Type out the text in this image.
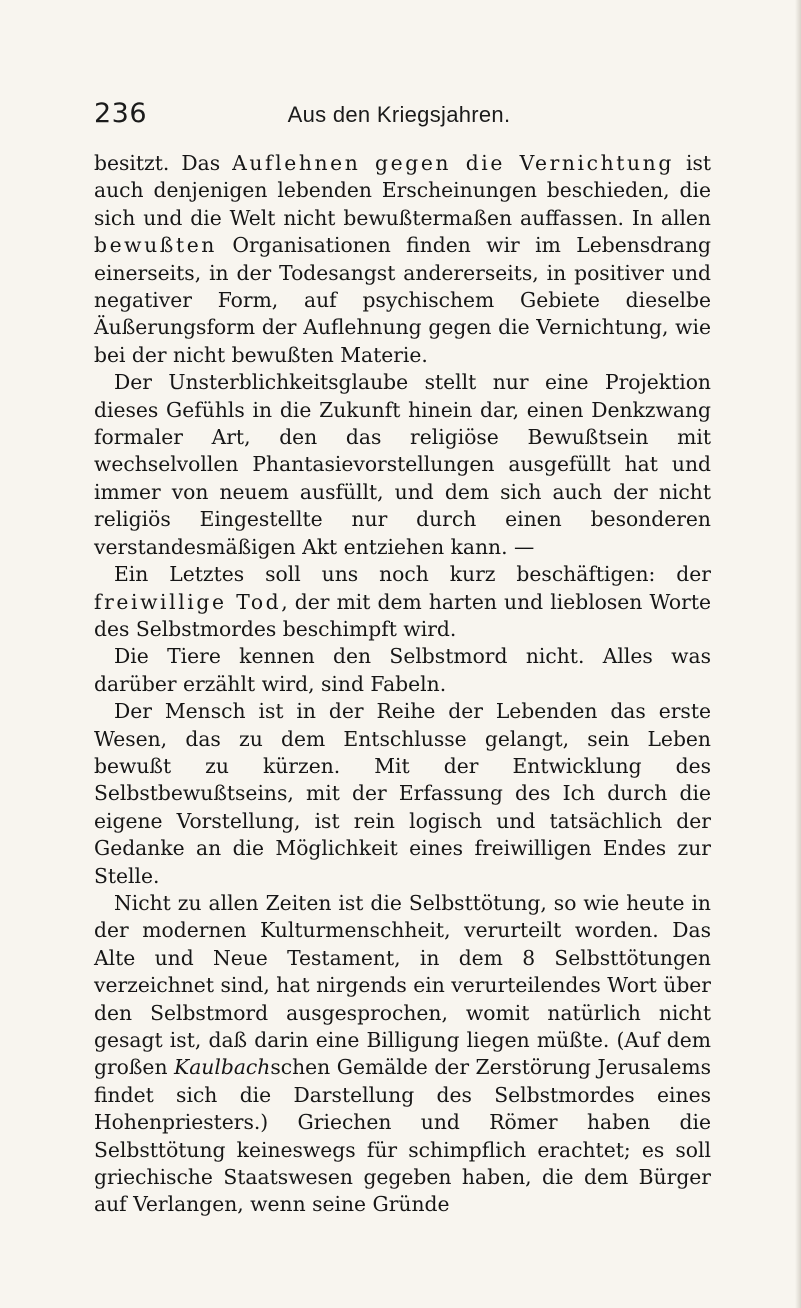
236	Aus den Kriegsjahren.

besitzt. Das Auflehnen gegen die Vernichtung ist auch denjenigen lebenden Erscheinungen beschieden, die sich und die Welt nicht bewußtermaßen auffassen. In allen bewußten Organisationen finden wir im Lebensdrang einerseits, in der Todesangst andererseits, in positiver und negativer Form, auf psychischem Gebiete dieselbe Äußerungsform der Auflehnung gegen die Vernichtung, wie bei der nicht bewußten Materie.

Der Unsterblichkeitsglaube stellt nur eine Projektion dieses Gefühls in die Zukunft hinein dar, einen Denkzwang formaler Art, den das religiöse Bewußtsein mit wechselvollen Phantasievorstellungen ausgefüllt hat und immer von neuem ausfüllt, und dem sich auch der nicht religiös Eingestellte nur durch einen besonderen verstandesmäßigen Akt entziehen kann. —

Ein Letztes soll uns noch kurz beschäftigen: der freiwillige Tod, der mit dem harten und lieblosen Worte des Selbstmordes beschimpft wird.

Die Tiere kennen den Selbstmord nicht. Alles was darüber erzählt wird, sind Fabeln.

Der Mensch ist in der Reihe der Lebenden das erste Wesen, das zu dem Entschlusse gelangt, sein Leben bewußt zu kürzen. Mit der Entwicklung des Selbstbewußtseins, mit der Erfassung des Ich durch die eigene Vorstellung, ist rein logisch und tatsächlich der Gedanke an die Möglichkeit eines freiwilligen Endes zur Stelle.

Nicht zu allen Zeiten ist die Selbsttötung, so wie heute in der modernen Kulturmenschheit, verurteilt worden. Das Alte und Neue Testament, in dem 8 Selbsttötungen verzeichnet sind, hat nirgends ein verurteilendes Wort über den Selbstmord ausgesprochen, womit natürlich nicht gesagt ist, daß darin eine Billigung liegen müßte. (Auf dem großen Kaulbachschen Gemälde der Zerstörung Jerusalems findet sich die Darstellung des Selbstmordes eines Hohenpriesters.) Griechen und Römer haben die Selbsttötung keineswegs für schimpflich erachtet; es soll griechische Staatswesen gegeben haben, die dem Bürger auf Verlangen, wenn seine Gründe
